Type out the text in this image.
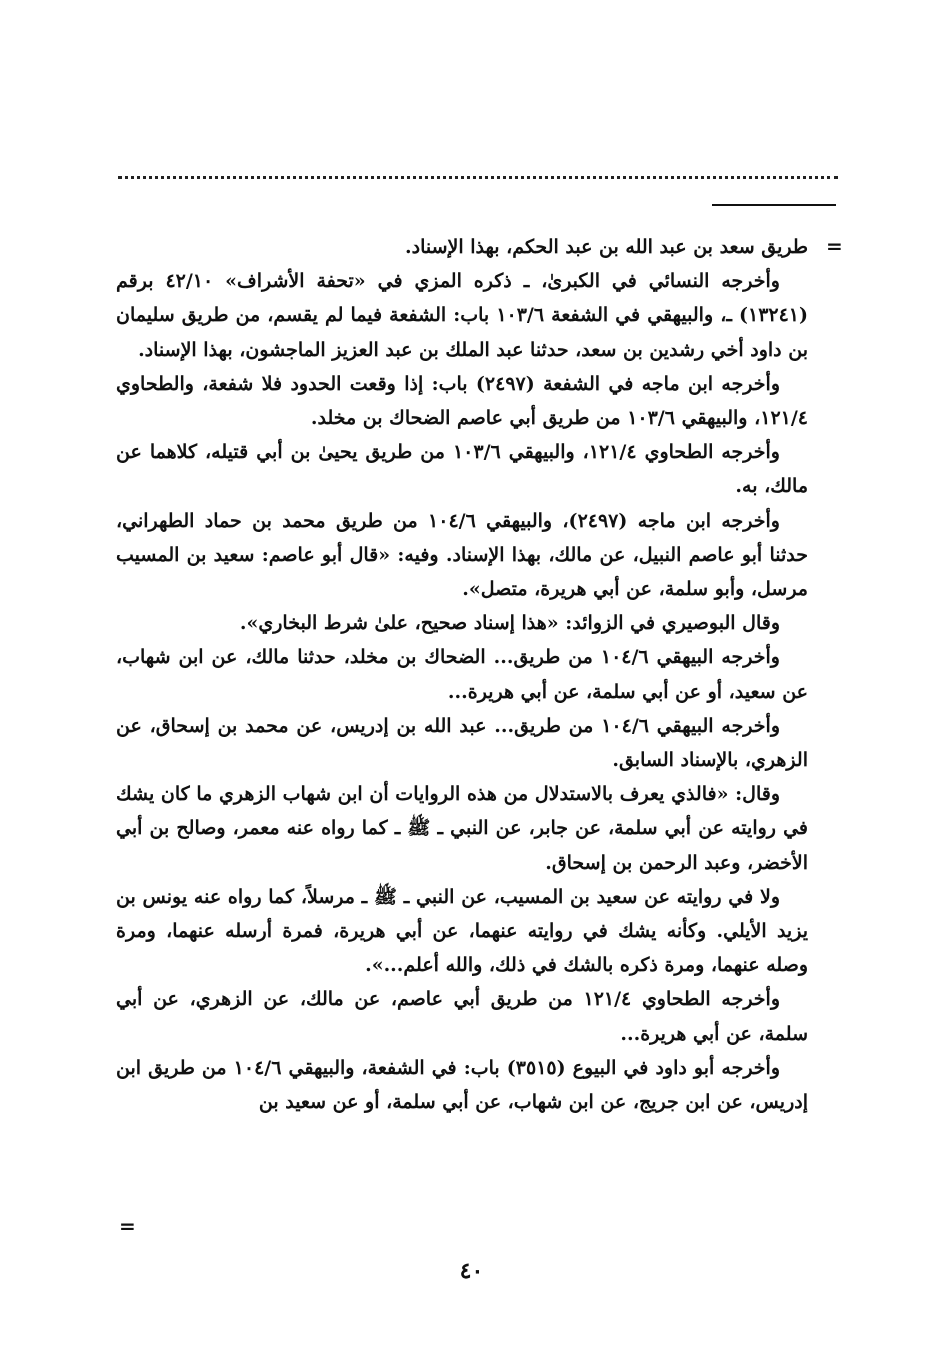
=

طريق سعد بن عبد الله بن عبد الحكم، بهذا الإسناد.

وأخرجه النسائي في الكبرىٰ، ـ ذكره المزي في «تحفة الأشراف» ٤٢/١٠ برقم (١٣٢٤١) ـ، والبيهقي في الشفعة ١٠٣/٦ باب: الشفعة فيما لم يقسم، من طريق سليمان بن داود أخي رشدين بن سعد، حدثنا عبد الملك بن عبد العزيز الماجشون، بهذا الإسناد.

وأخرجه ابن ماجه في الشفعة (٢٤٩٧) باب: إذا وقعت الحدود فلا شفعة، والطحاوي ١٢١/٤، والبيهقي ١٠٣/٦ من طريق أبي عاصم الضحاك بن مخلد.

وأخرجه الطحاوي ١٢١/٤، والبيهقي ١٠٣/٦ من طريق يحيىٰ بن أبي قتيله، كلاهما عن مالك، به.

وأخرجه ابن ماجه (٢٤٩٧)، والبيهقي ١٠٤/٦ من طريق محمد بن حماد الطهراني، حدثنا أبو عاصم النبيل، عن مالك، بهذا الإسناد. وفيه: «قال أبو عاصم: سعيد بن المسيب مرسل، وأبو سلمة، عن أبي هريرة، متصل».

وقال البوصيري في الزوائد: «هذا إسناد صحيح، علىٰ شرط البخاري».

وأخرجه البيهقي ١٠٤/٦ من طريق... الضحاك بن مخلد، حدثنا مالك، عن ابن شهاب، عن سعيد، أو عن أبي سلمة، عن أبي هريرة...

وأخرجه البيهقي ١٠٤/٦ من طريق... عبد الله بن إدريس، عن محمد بن إسحاق، عن الزهري، بالإسناد السابق.

وقال: «فالذي يعرف بالاستدلال من هذه الروايات أن ابن شهاب الزهري ما كان يشك في روايته عن أبي سلمة، عن جابر، عن النبي ـ ﷺ ـ كما رواه عنه معمر، وصالح بن أبي الأخضر، وعبد الرحمن بن إسحاق.

ولا في روايته عن سعيد بن المسيب، عن النبي ـ ﷺ ـ مرسلاً، كما رواه عنه يونس بن يزيد الأيلي. وكأنه يشك في روايته عنهما، عن أبي هريرة، فمرة أرسله عنهما، ومرة وصله عنهما، ومرة ذكره بالشك في ذلك، والله أعلم...».

وأخرجه الطحاوي ١٢١/٤ من طريق أبي عاصم، عن مالك، عن الزهري، عن أبي سلمة، عن أبي هريرة...

وأخرجه أبو داود في البيوع (٣٥١٥) باب: في الشفعة، والبيهقي ١٠٤/٦ من طريق ابن إدريس، عن ابن جريج، عن ابن شهاب، عن أبي سلمة، أو عن سعيد بن

=
٤٠
